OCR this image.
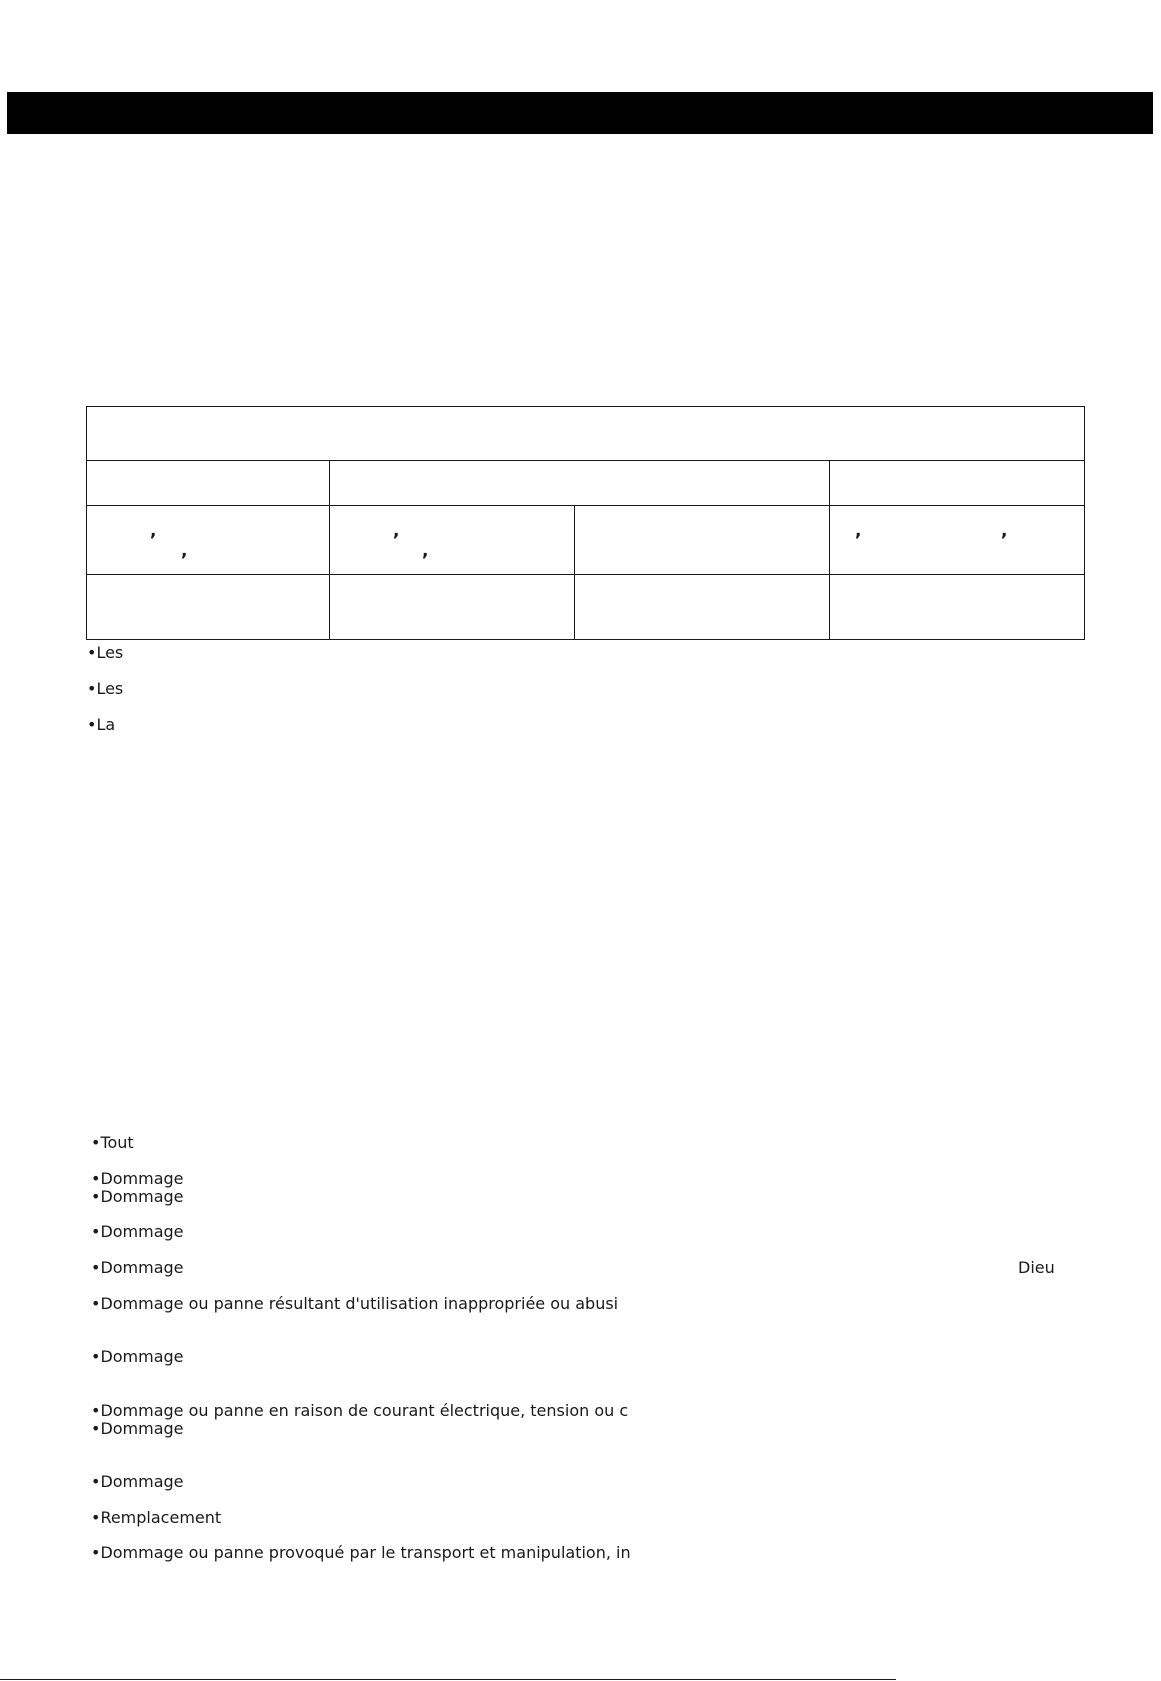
,
,
,
,
,	,
•Les
•Les
•La
•Tout
•Dommage
•Dommage
•Dommage
•Dommage	Dieu
•Dommage ou panne résultant d'utilisation inappropriée ou abusi
•Dommage
•Dommage ou panne en raison de courant électrique, tension ou c
•Dommage
•Dommage
•Remplacement
•Dommage ou panne provoqué par le transport et manipulation, in
